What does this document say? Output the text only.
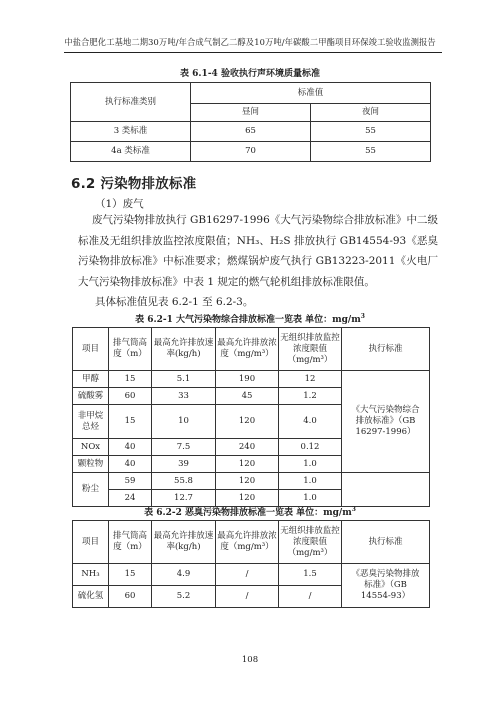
中盐合肥化工基地二期30万吨/年合成气制乙二醇及10万吨/年碳酸二甲酯项目环保竣工验收监测报告
表 6.1-4 验收执行声环境质量标准
执行标准类别	标准值	
	昼间	夜间
3 类标准	65	55
4a 类标准	70	55
6.2 污染物排放标准
（1）废气
废气污染物排放执行 GB16297-1996《大气污染物综合排放标准》中二级标准及无组织排放监控浓度限值；NH₃、H₂S 排放执行 GB14554-93《恶臭污染物排放标准》中标准要求；燃煤锅炉废气执行 GB13223-2011《火电厂大气污染物排放标准》中表 1 规定的燃气轮机组排放标准限值。
具体标准值见表 6.2-1 至 6.2-3。
表 6.2-1 大气污染物综合排放标准一览表 单位：$mg/m^3$
项目	排气筒高度（m）	最高允许排放速率(kg/h)	最高允许排放浓度（mg/m³）	无组织排放监控浓度限值（mg/m³）	执行标准
甲醇	15	5.1	190	12	《大气污染物综合排放标准》（GB 16297-1996）
硫酸雾	60	33	45	1.2	
非甲烷总烃	15	10	120	4.0	
NOx	40	7.5	240	0.12	
颗粒物	40	39	120	1.0	
粉尘	59	55.8	120	1.0	
	24	12.7	120	1.0	
表 6.2-2 恶臭污染物排放标准一览表 单位：$mg/m^3$
项目	排气筒高度（m）	最高允许排放速率(kg/h)	最高允许排放浓度（mg/m³）	无组织排放监控浓度限值（mg/m³）	执行标准
NH₃	15	4.9	/	1.5	《恶臭污染物排放标准》（GB 14554-93）
硫化氢	60	5.2	/	/	
108
